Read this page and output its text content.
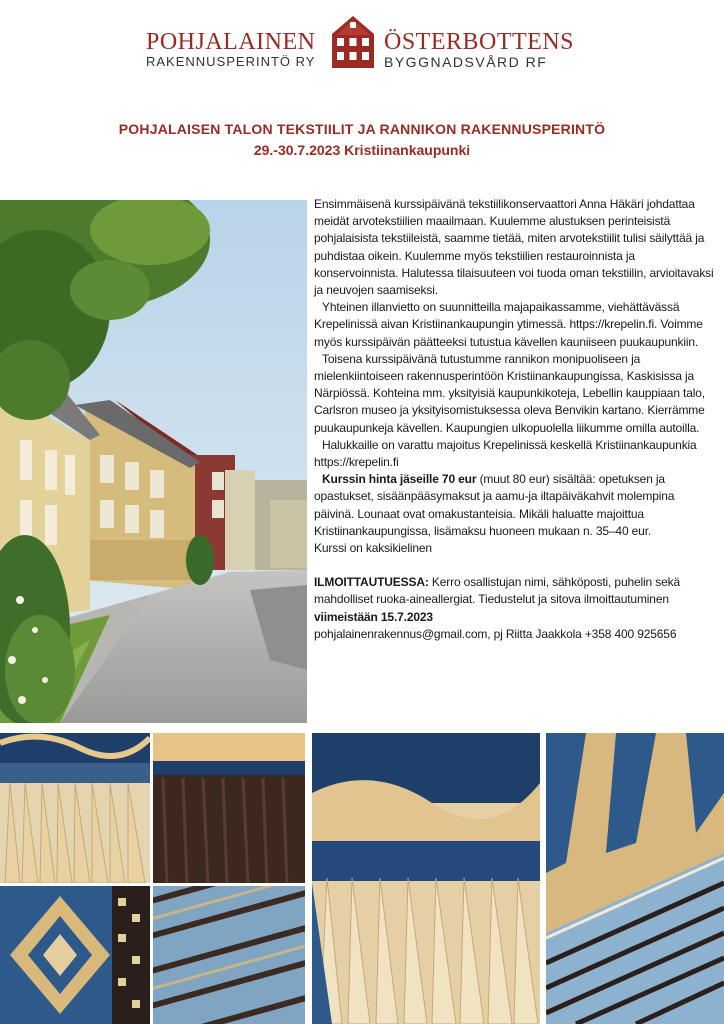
POHJALAINEN
RAKENNUSPERINTÖ RY
ÖSTERBOTTENS
BYGGNADSVÅRD RF
POHJALAISEN TALON TEKSTIILIT JA RANNIKON RAKENNUSPERINTÖ
29.-30.7.2023 Kristiinankaupunki

Ensimmäisenä kurssipäivänä tekstiilikonservaattori Anna Häkäri johdattaa meidät arvotekstiilien maailmaan. Kuulemme alustuksen perinteisistä pohjalaisista tekstiileistä, saamme tietää, miten arvotekstiilit tulisi säilyttää ja puhdistaa oikein. Kuulemme myös tekstiilien restauroinnista ja konservoinnista. Halutessa tilaisuuteen voi tuoda oman tekstiilin, arvioitavaksi ja neuvojen saamiseksi.

Yhteinen illanvietto on suunnitteilla majapaikassamme, viehättävässä Krepelinissä aivan Kristiinankaupungin ytimessä. https://krepelin.fi. Voimme myös kurssipäivän päätteeksi tutustua kävellen kauniiseen puukaupunkiin.

Toisena kurssipäivänä tutustumme rannikon monipuoliseen ja mielenkiintoiseen rakennusperintöön Kristiinankaupungissa, Kaskisissa ja Närpiössä. Kohteina mm. yksityisiä kaupunkikoteja, Lebellin kauppiaan talo, Carlsron museo ja yksityisomistuksessa oleva Benvikin kartano. Kierrämme puukaupunkeja kävellen. Kaupungien ulkopuolella liikumme omilla autoilla.

Halukkaille on varattu majoitus Krepelinissä keskellä Kristiinankaupunkia https://krepelin.fi

Kurssin hinta jäseille 70 eur (muut 80 eur) sisältää: opetuksen ja opastukset, sisäänpääsymaksut ja aamu-ja iltapäiväkahvit molempina päivinä. Lounaat ovat omakustanteisia. Mikäli haluatte majoittua Kristiinankaupungissa, lisämaksu huoneen mukaan n. 35–40 eur.

Kurssi on kaksikielinen

ILMOITTAUTUESSA: Kerro osallistujan nimi, sähköposti, puhelin sekä mahdolliset ruoka-aineallergiat. Tiedustelut ja sitova ilmoittautuminen viimeistään 15.7.2023

pohjalainenrakennus@gmail.com, pj Riitta Jaakkola +358 400 925656
